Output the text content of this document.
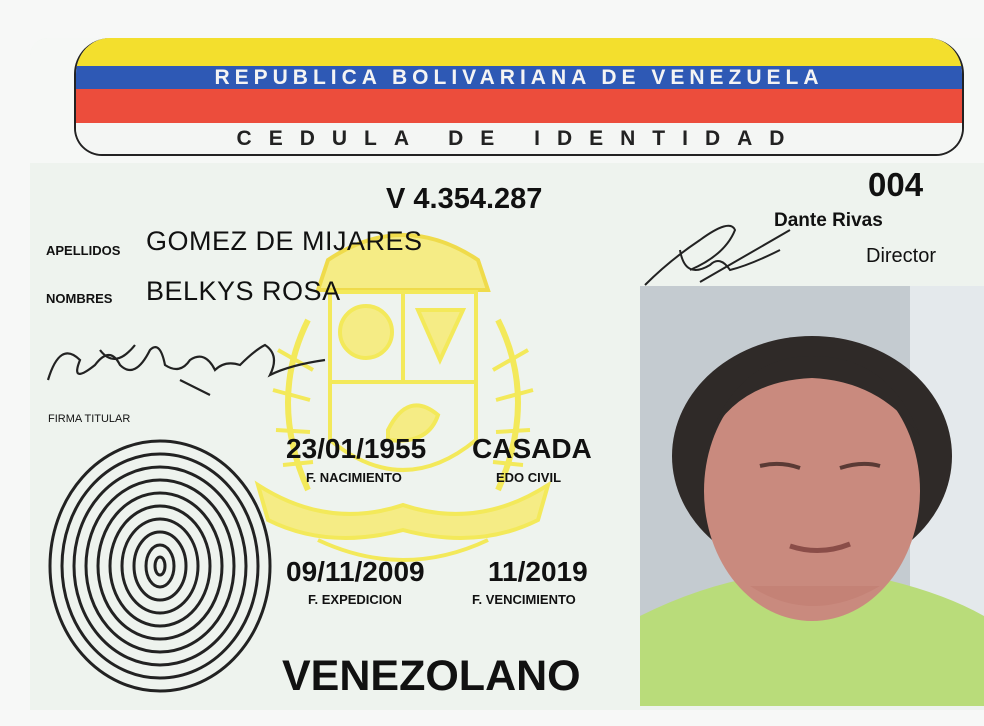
REPUBLICA BOLIVARIANA DE VENEZUELA
CEDULA DE IDENTIDAD
V 4.354.287	004
Dante Rivas
Director
APELLIDOS GOMEZ DE MIJARES
NOMBRES BELKYS ROSA
FIRMA TITULAR
23/01/1955
F. NACIMIENTO
CASADA
EDO CIVIL
09/11/2009
F. EXPEDICION
11/2019
F. VENCIMIENTO
VENEZOLANO
